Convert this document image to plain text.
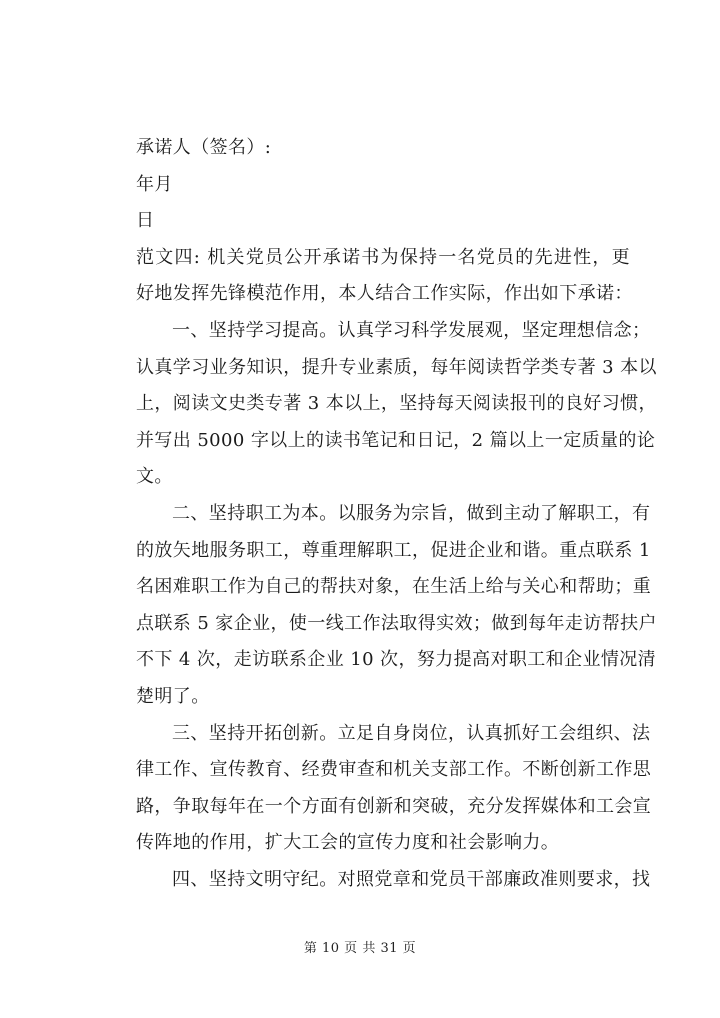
承诺人（签名）:
年月
日
范文四: 机关党员公开承诺书为保持一名党员的先进性，更
好地发挥先锋模范作用，本人结合工作实际，作出如下承诺：
一、坚持学习提高。认真学习科学发展观，坚定理想信念；
认真学习业务知识，提升专业素质，每年阅读哲学类专著 3 本以
上，阅读文史类专著 3 本以上，坚持每天阅读报刊的良好习惯，
并写出 5000 字以上的读书笔记和日记，2 篇以上一定质量的论
文。
二、坚持职工为本。以服务为宗旨，做到主动了解职工，有
的放矢地服务职工，尊重理解职工，促进企业和谐。重点联系 1
名困难职工作为自己的帮扶对象，在生活上给与关心和帮助；重
点联系 5 家企业，使一线工作法取得实效；做到每年走访帮扶户
不下 4 次，走访联系企业 10 次，努力提高对职工和企业情况清
楚明了。
三、坚持开拓创新。立足自身岗位，认真抓好工会组织、法
律工作、宣传教育、经费审查和机关支部工作。不断创新工作思
路，争取每年在一个方面有创新和突破，充分发挥媒体和工会宣
传阵地的作用，扩大工会的宣传力度和社会影响力。
四、坚持文明守纪。对照党章和党员干部廉政准则要求，找
第 10 页 共 31 页
